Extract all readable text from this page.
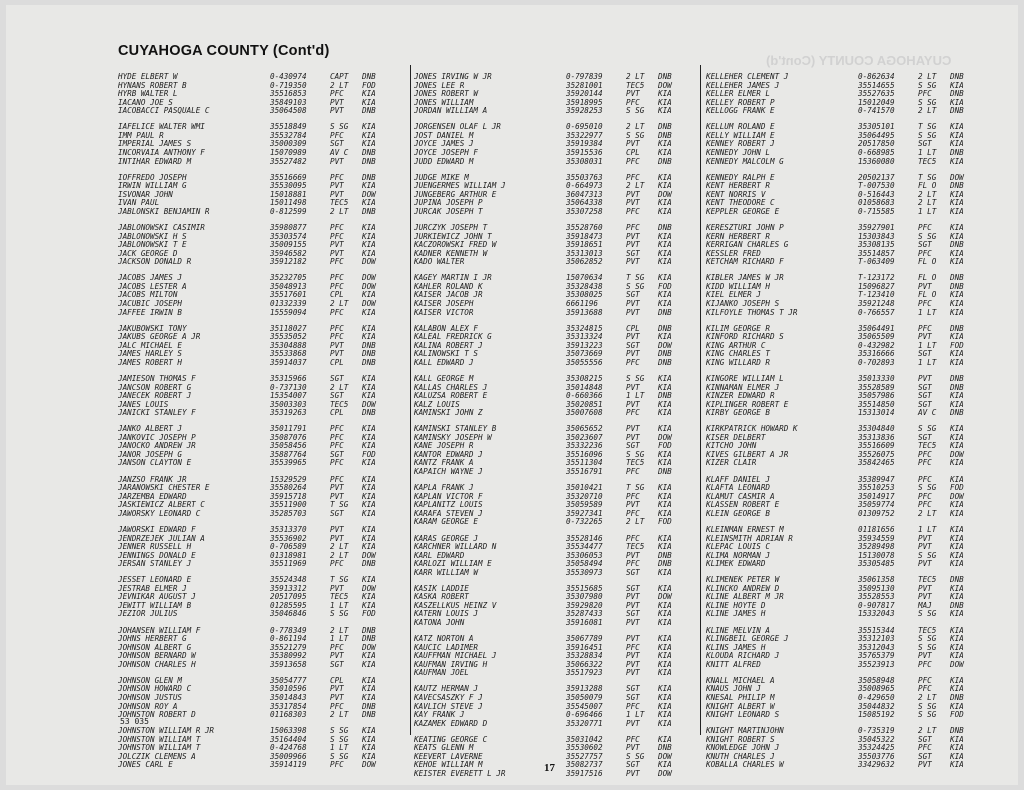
CUYAHOGA COUNTY (Cont'd)
CUYAHOGA COUNTY (Cont'd)
HYDE ELBERT W	0-430974	CAPT	DNB
HYNANS ROBERT B	0-719350	2 LT	FOD
HYRB WALTER L	35516853	PFC	KIA
IACANO JOE S	35849103	PVT	KIA
IACOBACCI PASQUALE C	35064508	PVT	DNB
IAFELICE WALTER WMI	35518849	S SG	KIA
IMM PAUL R	35532784	PFC	KIA
IMPERIAL JAMES S	35000309	SGT	KIA
INCORVAIA ANTHONY F	15070989	AV C	DNB
INTIHAR EDWARD M	35527482	PVT	DNB
IOFFREDO JOSEPH	35516669	PFC	DNB
IRWIN WILLIAM G	35530095	PVT	KIA
ISVONAR JOHN	15018881	PVT	DOW
IVAN PAUL	15011498	TEC5	KIA
JABLONSKI BENJAMIN R	0-812599	2 LT	DNB
JABLONOWSKI CASIMIR	35980877	PFC	KIA
JABLONOWSKI H S	35303574	PFC	KIA
JABLONOWSKI T E	35009155	PVT	KIA
JACK GEORGE D	35946582	PVT	KIA
JACKSON DONALD R	35912182	PFC	DOW
JACOBS JAMES J	35232705	PFC	DOW
JACOBS LESTER A	35048913	PFC	DOW
JACOBS MILTON	35517601	CPL	KIA
JACUBIC JOSEPH	01332339	2 LT	DOW
JAFFEE IRWIN B	15559094	PFC	KIA
JAKUBOWSKI TONY	35118027	PFC	KIA
JAKUBS GEORGE A JR	35535052	PFC	KIA
JALC MICHAEL E	35304888	PVT	DNB
JAMES HARLEY S	35533868	PVT	DNB
JAMES ROBERT H	35914037	CPL	DNB
JAMIESON THOMAS F	35315966	SGT	KIA
JANCSON ROBERT G	0-737130	2 LT	KIA
JANECEK ROBERT J	15354007	SGT	KIA
JANES LOUIS	35003303	TEC5	DOW
JANICKI STANLEY F	35319263	CPL	DNB
JANKO ALBERT J	35011791	PFC	KIA
JANKOVIC JOSEPH P	35087076	PFC	KIA
JANOCKO ANDREW JR	35058456	PFC	KIA
JANOR JOSEPH G	35887764	SGT	FOD
JANSON CLAYTON E	35539965	PFC	KIA
JANZSO FRANK JR	15329529	PFC	KIA
JARANOWSKI CHESTER E	35580264	PVT	KIA
JARZEMBA EDWARD	35915718	PVT	KIA
JASKIEWICZ ALBERT C	35511900	T SG	KIA
JAWORSKY LEONARD C	35285703	SGT	KIA
JAWORSKI EDWARD F	35313370	PVT	KIA
JENDRZEJEK JULIAN A	35536902	PVT	KIA
JENNER RUSSELL H	0-706589	2 LT	KIA
JENNINGS DONALD E	01318981	2 LT	DOW
JERSAN STANLEY J	35511969	PFC	DNB
JESSET LEONARD E	35524348	T SG	KIA
JESTRAB ELMER J	35913312	PVT	DOW
JEVNIKAR AUGUST J	20517095	TEC5	KIA
JEWITT WILLIAM B	01285595	1 LT	KIA
JEZIOR JULIUS	35046846	S SG	FOD
JOHANSEN WILLIAM F	0-778349	2 LT	DNB
JOHNS HERBERT G	0-861194	1 LT	DNB
JOHNSON ALBERT G	35521279	PFC	DOW
JOHNSON BERNARD W	35380992	PVT	KIA
JOHNSON CHARLES H	35913658	SGT	KIA
JOHNSON GLEN M	35054777	CPL	KIA
JOHNSON HOWARD C	35010596	PVT	KIA
JOHNSON JUSTUS	35014843	PVT	KIA
JOHNSON ROY A	35317854	PFC	DNB
JOHNSTON ROBERT D	01168303	2 LT	DNB
JOHNSTON WILLIAM R JR	15063398	S SG	KIA
JOHNSTON WILLIAM T	35164404	S SG	KIA
JOHNSTON WILLIAM T	0-424768	1 LT	KIA
JOLCZIK CLEMENS A	35009966	S SG	KIA
JONES CARL E	35914119	PFC	DOW
JONES IRVING W JR	0-797839	2 LT	DNB
JONES LEE R	35281001	TEC5	DOW
JONES ROBERT W	35920144	PVT	KIA
JONES WILLIAM	35918995	PFC	KIA
JORDAN WILLIAM A	35928253	S SG	KIA
JORGENSEN OLAF L JR	0-695010	2 LT	DNB
JOST DANIEL M	35322977	S SG	DNB
JOYCE JAMES J	35919384	PVT	KIA
JOYCE JOSEPH F	35915536	CPL	KIA
JUDD EDWARD M	35308031	PFC	DNB
JUDGE MIKE M	35503763	PFC	KIA
JUENGERMES WILLIAM J	0-664973	2 LT	KIA
JUNGEBERG ARTHUR E	36047313	PVT	DOW
JUPINA JOSEPH P	35064338	PVT	KIA
JURCAK JOSEPH T	35307258	PFC	KIA
JURCZYK JOSEPH T	35528760	PFC	DNB
JURKIEWICZ JOHN T	35918473	PVT	KIA
KACZOROWSKI FRED W	35918651	PVT	KIA
KADNER KENNETH W	35313013	SGT	KIA
KADO WALTER	35062852	PVT	KIA
KAGEY MARTIN I JR	15070634	T SG	KIA
KAHLER ROLAND K	35328438	S SG	FOD
KAISER JACOB JR	35308025	SGT	KIA
KAISER JOSEPH	6661196	PVT	KIA
KAISER VICTOR	35913688	PVT	DNB
KALABON ALEX F	35324815	CPL	DNB
KALEAL FREDRICK G	35313324	PVT	KIA
KALINA ROBERT J	35913223	SGT	DOW
KALINOWSKI T S	35073669	PVT	DNB
KALL EDWARD J	35055556	PFC	DNB
KALL GEORGE M	35308215	S SG	KIA
KALLAS CHARLES J	35014848	PVT	KIA
KALUZSA ROBERT E	0-660366	1 LT	DNB
KALZ LOUIS	35020851	PVT	KIA
KAMINSKI JOHN Z	35007608	PFC	KIA
KAMINSKI STANLEY B	35065652	PVT	KIA
KAMINSKY JOSEPH W	35023607	PVT	DOW
KANE JOSEPH R	35332236	SGT	FOD
KANTOR EDWARD J	35516096	S SG	KIA
KANTZ FRANK A	35511304	TEC5	KIA
KAPAICH WAYNE J	35516791	PFC	DNB
KAPLA FRANK J	35010421	T SG	KIA
KAPLAN VICTOR F	35320710	PFC	KIA
KAPLANITZ LOUIS	35059589	PVT	KIA
KARAFA STEVEN J	35927341	PFC	KIA
KARAM GEORGE E	0-732265	2 LT	FOD
KARAS GEORGE J	35528146	PFC	KIA
KARCHNER WILLARD N	35534477	TEC5	KIA
KARL EDWARD	35306053	PVT	DNB
KARLOZI WILLIAM E	35058494	PFC	DNB
KARR WILLIAM W	35530973	SGT	KIA
KASIK LADDIE	35515685	SGT	KIA
KASKA ROBERT	35307980	PVT	DOW
KASZELLKUS HEINZ V	35929820	PVT	KIA
KATERN LOUIS J	35287433	SGT	KIA
KATONA JOHN	35916081	PVT	KIA
KATZ NORTON A	35067789	PVT	KIA
KAUCIC LADIMER	35916451	PFC	KIA
KAUFFMAN MICHAEL J	35328834	PVT	KIA
KAUFMAN IRVING H	35066322	PVT	KIA
KAUFMAN JOEL	35517923	PVT	KIA
KAUTZ HERMAN J	35913288	SGT	KIA
KAVECSASZKY F J	35050079	SGT	KIA
KAVLICH STEVE J	35545007	PFC	KIA
KAY FRANK J	0-696466	1 LT	KIA
KAZAMEK EDWARD D	35320771	PVT	KIA
KEATING GEORGE C	35031042	PFC	KIA
KEATS GLENN M	35530602	PVT	DNB
KEEVERT LAVERNE	35527757	S SG	DOW
KEHOE WILLIAM M	35082737	SGT	KIA
KEISTER EVERETT L JR	35917516	PVT	DOW
KELLEHER CLEMENT J	0-862634	2 LT	DNB
KELLEHER JAMES J	35514655	S SG	KIA
KELLER ELMER L	35527635	PFC	DNB
KELLEY ROBERT P	15012049	S SG	KIA
KELLOGG FRANK E	0-741570	2 LT	DNB
KELLUM ROLAND E	35305101	T SG	KIA
KELLY WILLIAM E	35064495	S SG	KIA
KENNEY ROBERT J	20517850	SGT	KIA
KENNEDY JOHN L	0-668985	1 LT	DNB
KENNEDY MALCOLM G	15360080	TEC5	KIA
KENNEDY RALPH E	20502137	T SG	DOW
KENT HERBERT R	T-007530	FL O	DNB
KENT NORRIS V	0-516443	2 LT	KIA
KENT THEODORE C	01058683	2 LT	KIA
KEPPLER GEORGE E	0-715585	1 LT	KIA
KERESZTURI JOHN P	35927901	PFC	KIA
KERN HERBERT R	15303843	S SG	KIA
KERRIGAN CHARLES G	35308135	SGT	DNB
KESSLER FRED	35514857	PFC	KIA
KETCHAM RICHARD F	T-063409	FL O	KIA
KIBLER JAMES W JR	T-123172	FL O	DNB
KIDD WILLIAM H	15096827	PVT	DNB
KIEL ELMER J	T-123410	FL O	KIA
KIJANKO JOSEPH S	35921248	PFC	KIA
KILFOYLE THOMAS T JR	0-766557	1 LT	KIA
KILIM GEORGE R	35064491	PFC	DNB
KINFORD RICHARD S	35065509	PVT	KIA
KING ARTHUR C	0-432982	1 LT	FOD
KING CHARLES T	35316666	SGT	KIA
KING WILLARD R	0-702893	1 LT	KIA
KINGORE WILLIAM L	35013330	PVT	DNB
KINNAMAN ELMER J	35528589	SGT	DNB
KINZER EDWARD R	35057986	SGT	KIA
KIPLINGER ROBERT E	35514850	SGT	KIA
KIRBY GEORGE B	15313014	AV C	DNB
KIRKPATRICK HOWARD K	35304840	S SG	KIA
KISER DELBERT	35313836	SGT	KIA
KITCHO JOHN	35516609	TEC5	KIA
KIVES GILBERT A JR	35526075	PFC	DOW
KIZER CLAIR	35842465	PFC	KIA
KLAFF DANIEL J	35389947	PFC	KIA
KLAFTA LEONARD	35510253	S SG	FOD
KLAMUT CASMIR A	35014917	PFC	DOW
KLASSEN ROBERT E	35059774	PFC	KIA
KLEIN GEORGE B	01309752	2 LT	KIA
KLEINMAN ERNEST M	01181656	1 LT	KIA
KLEINSMITH ADRIAN R	35934559	PVT	KIA
KLEPAC LOUIS C	35289498	PVT	KIA
KLIMA NORMAN J	15130078	S SG	KIA
KLIMEK EDWARD	35305485	PVT	KIA
KLIMENEK PETER W	35061358	TEC5	DNB
KLINCKO ANDREW D	35095130	PVT	KIA
KLINE ALBERT M JR	35528553	PVT	KIA
KLINE HOYTE D	0-907817	MAJ	DNB
KLINE JAMES H	15332043	S SG	KIA
KLINE MELVIN A	35515344	TEC5	KIA
KLINGBEIL GEORGE J	35312103	S SG	KIA
KLINS JAMES H	35312043	S SG	KIA
KLOUDA RICHARD J	35765379	PVT	KIA
KNITT ALFRED	35523913	PFC	DOW
KNALL MICHAEL A	35058948	PFC	KIA
KNAUS JOHN J	35008965	PFC	KIA
KNESAL PHILIP M	0-429650	2 LT	DNB
KNIGHT ALBERT W	35044832	S SG	KIA
KNIGHT LEONARD S	15085192	S SG	FOD
KNIGHT MARTINJOHN	0-735319	2 LT	DNB
KNIGHT ROBERT S	35045322	SGT	KIA
KNOWLEDGE JOHN J	35324425	PFC	KIA
KNUTH CHARLES J	35503776	SGT	KIA
KOBALLA CHARLES W	33429632	PVT	KIA
53 035
17
